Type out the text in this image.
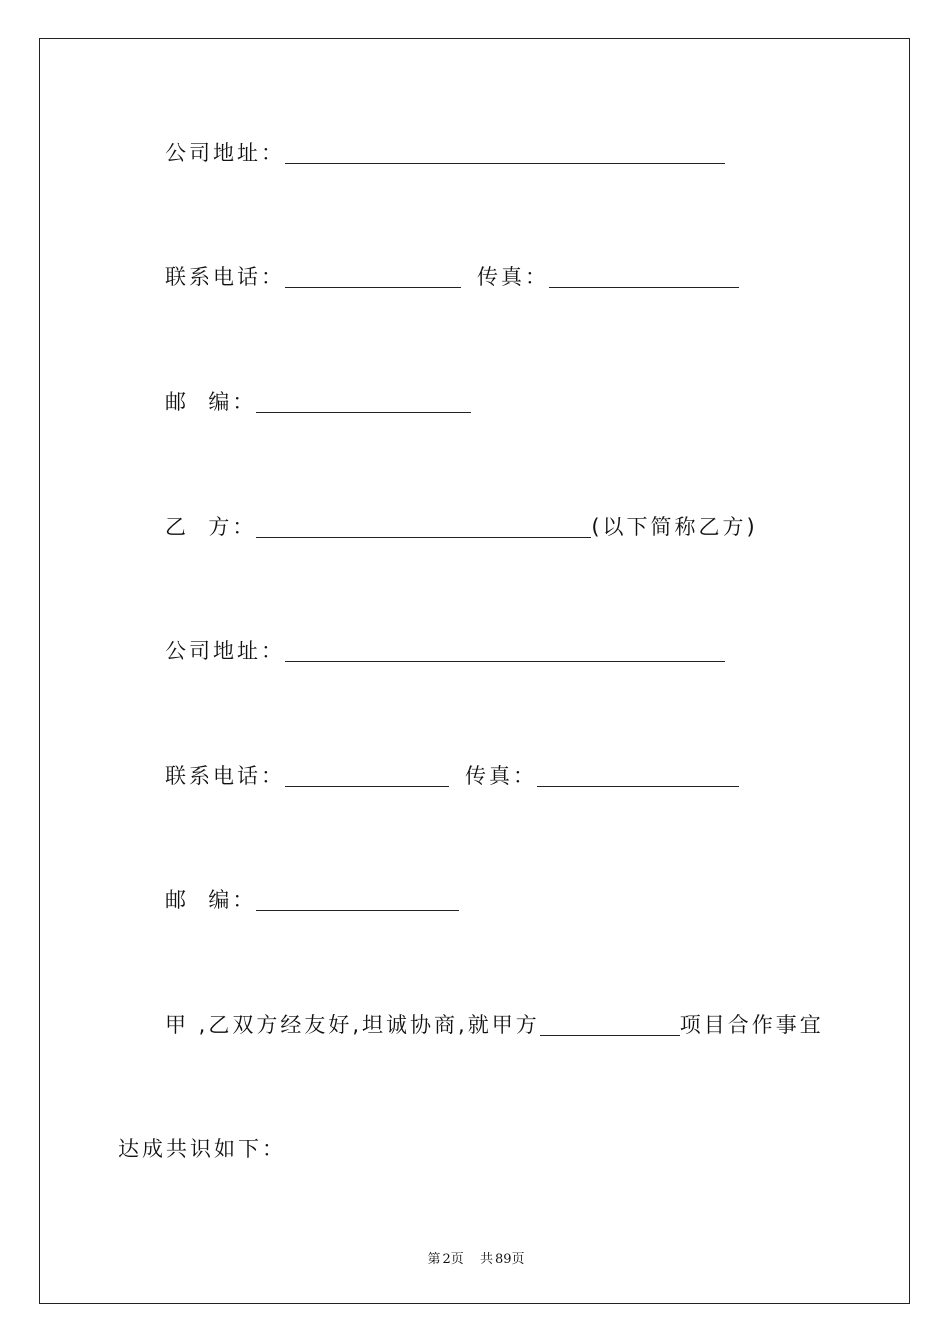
公司地址：
联系电话：	传真：
邮  编：
乙  方：	(以下简称乙方)
公司地址：
联系电话：	传真：
邮  编：
甲 ,乙双方经友好,坦诚协商,就甲方	项目合作事宜
达成共识如下：
第 2页 共 89页
